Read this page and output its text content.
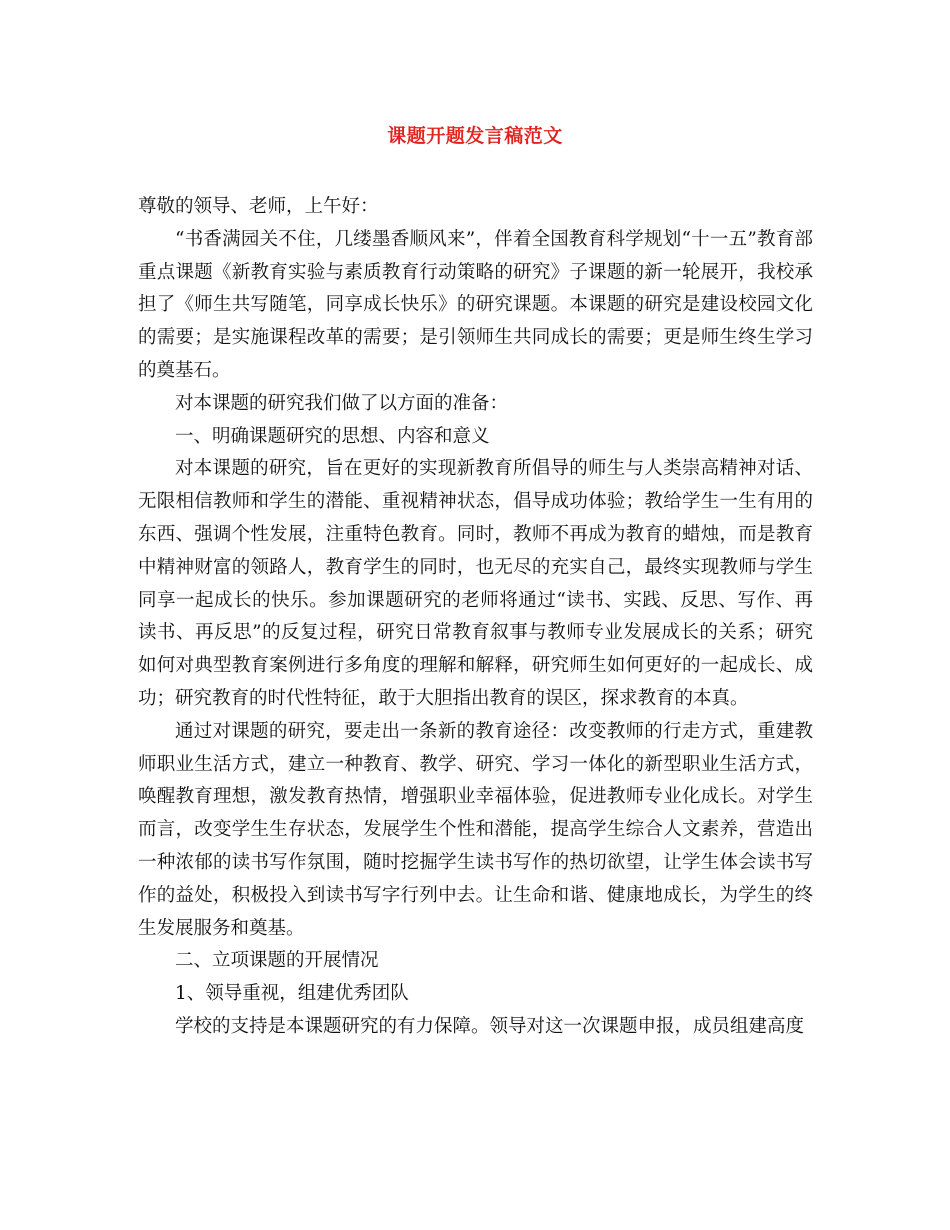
课题开题发言稿范文

尊敬的领导、老师，上午好：

“书香满园关不住，几缕墨香顺风来”，伴着全国教育科学规划“十一五”教育部重点课题《新教育实验与素质教育行动策略的研究》子课题的新一轮展开，我校承担了《师生共写随笔，同享成长快乐》的研究课题。本课题的研究是建设校园文化的需要；是实施课程改革的需要；是引领师生共同成长的需要；更是师生终生学习的奠基石。

对本课题的研究我们做了以方面的准备：

一、明确课题研究的思想、内容和意义

对本课题的研究，旨在更好的实现新教育所倡导的师生与人类崇高精神对话、无限相信教师和学生的潜能、重视精神状态，倡导成功体验；教给学生一生有用的东西、强调个性发展，注重特色教育。同时，教师不再成为教育的蜡烛，而是教育中精神财富的领路人，教育学生的同时，也无尽的充实自己，最终实现教师与学生同享一起成长的快乐。参加课题研究的老师将通过“读书、实践、反思、写作、再读书、再反思”的反复过程，研究日常教育叙事与教师专业发展成长的关系；研究如何对典型教育案例进行多角度的理解和解释，研究师生如何更好的一起成长、成功；研究教育的时代性特征，敢于大胆指出教育的误区，探求教育的本真。

通过对课题的研究，要走出一条新的教育途径：改变教师的行走方式，重建教师职业生活方式，建立一种教育、教学、研究、学习一体化的新型职业生活方式，唤醒教育理想，激发教育热情，增强职业幸福体验，促进教师专业化成长。对学生而言，改变学生生存状态，发展学生个性和潜能，提高学生综合人文素养，营造出一种浓郁的读书写作氛围，随时挖掘学生读书写作的热切欲望，让学生体会读书写作的益处，积极投入到读书写字行列中去。让生命和谐、健康地成长，为学生的终生发展服务和奠基。

二、立项课题的开展情况

1、领导重视，组建优秀团队

学校的支持是本课题研究的有力保障。领导对这一次课题申报，成员组建高度
